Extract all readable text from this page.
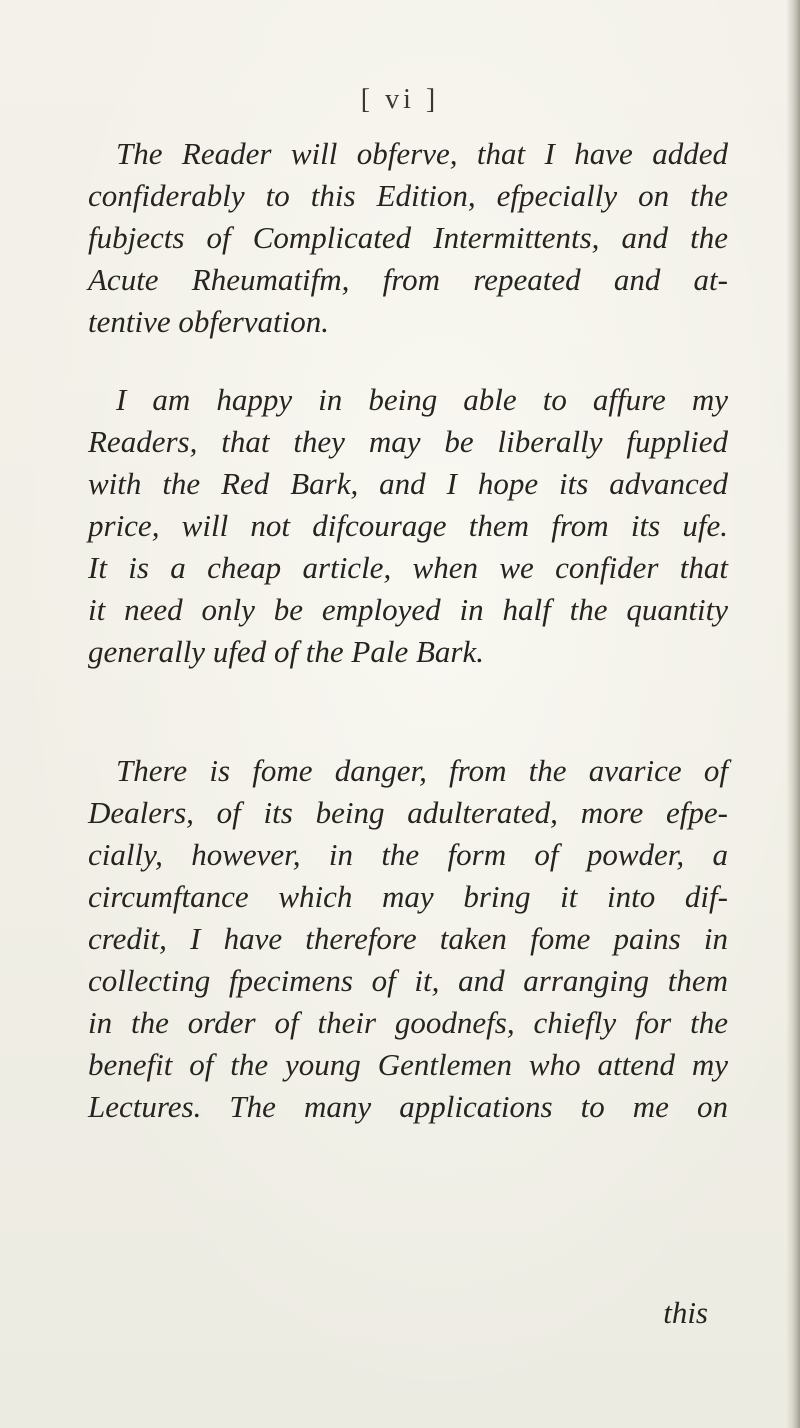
[ vi ]
The Reader will obferve, that I have added
confiderably to this Edition, efpecially on the
fubjects of Complicated Intermittents, and the
Acute Rheumatifm, from repeated and at-
tentive obfervation.
I am happy in being able to affure my
Readers, that they may be liberally fupplied
with the Red Bark, and I hope its advanced
price, will not difcourage them from its ufe.
It is a cheap article, when we confider that
it need only be employed in half the quantity
generally ufed of the Pale Bark.
There is fome danger, from the avarice of
Dealers, of its being adulterated, more efpe-
cially, however, in the form of powder, a
circumftance which may bring it into dif-
credit, I have therefore taken fome pains in
collecting fpecimens of it, and arranging them
in the order of their goodnefs, chiefly for the
benefit of the young Gentlemen who attend my
Lectures. The many applications to me on
this
